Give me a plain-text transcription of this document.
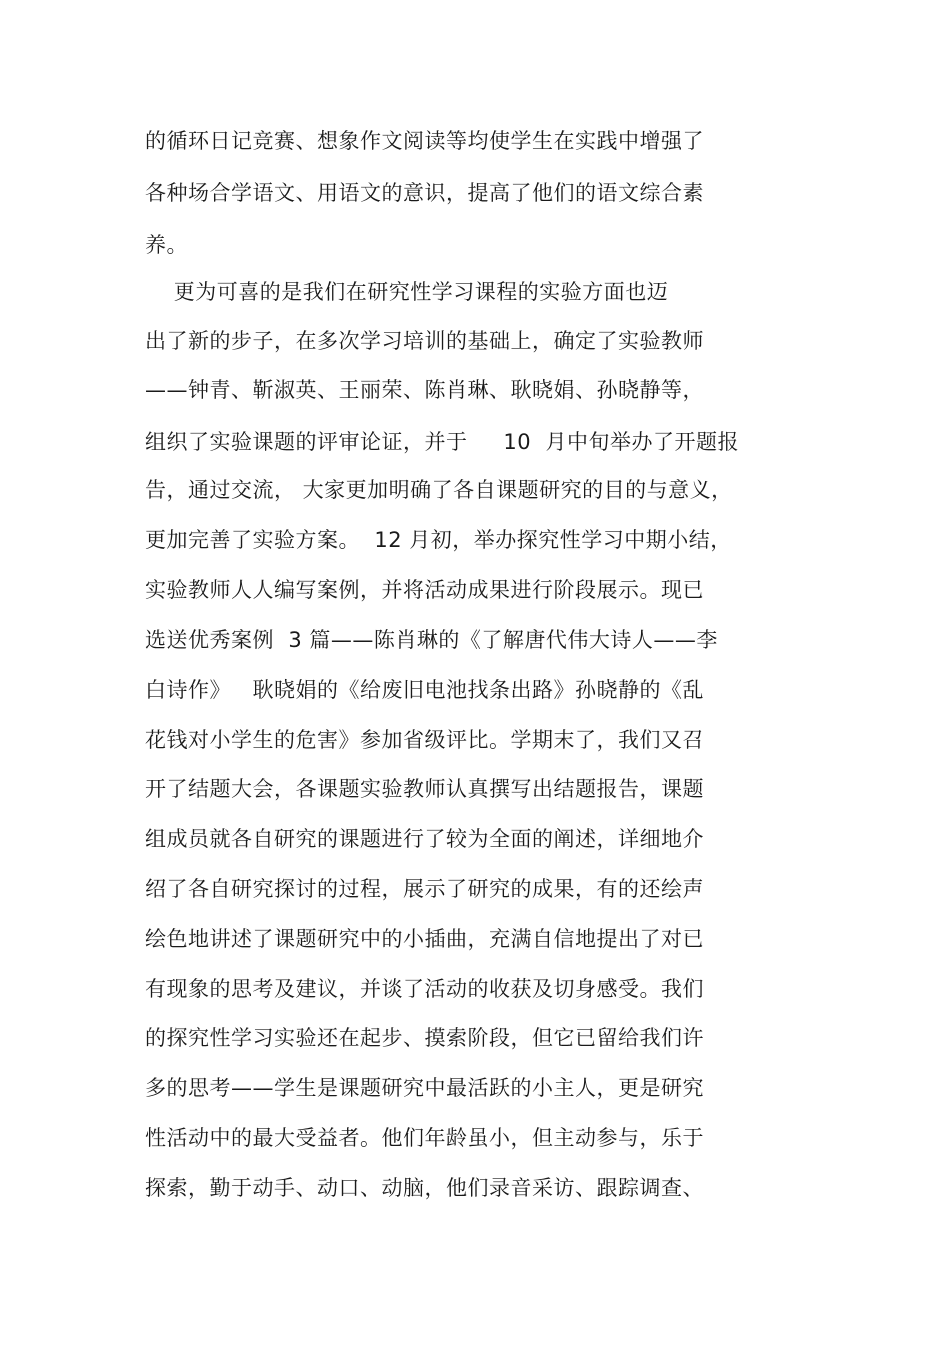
的循环日记竞赛、想象作文阅读等均使学生在实践中增强了
各种场合学语文、用语文的意识，提高了他们的语文综合素
养。
更为可喜的是我们在研究性学习课程的实验方面也迈
出了新的步子，在多次学习培训的基础上，确定了实验教师
——钟青、靳淑英、王丽荣、陈肖琳、耿晓娟、孙晓静等，
组织了实验课题的评审论证，并于     10  月中旬举办了开题报
告，通过交流， 大家更加明确了各自课题研究的目的与意义，
更加完善了实验方案。  12 月初，举办探究性学习中期小结，
实验教师人人编写案例，并将活动成果进行阶段展示。现已
选送优秀案例  3 篇——陈肖琳的《了解唐代伟大诗人——李
白诗作》   耿晓娟的《给废旧电池找条出路》孙晓静的《乱
花钱对小学生的危害》参加省级评比。学期末了，我们又召
开了结题大会，各课题实验教师认真撰写出结题报告，课题
组成员就各自研究的课题进行了较为全面的阐述，详细地介
绍了各自研究探讨的过程，展示了研究的成果，有的还绘声
绘色地讲述了课题研究中的小插曲，充满自信地提出了对已
有现象的思考及建议，并谈了活动的收获及切身感受。我们
的探究性学习实验还在起步、摸索阶段，但它已留给我们许
多的思考——学生是课题研究中最活跃的小主人，更是研究
性活动中的最大受益者。他们年龄虽小，但主动参与，乐于
探索，勤于动手、动口、动脑，他们录音采访、跟踪调查、
